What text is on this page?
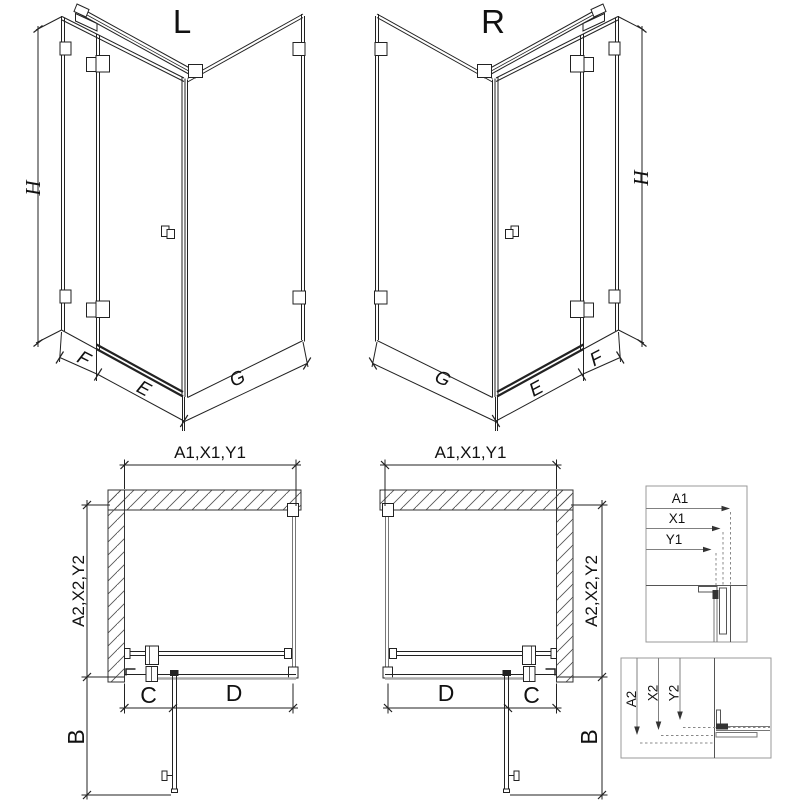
L
H
F
E	G
R
H
F
E
G
A1,X1,Y1
A2,X2,Y2
C	D
B
A1,X1,Y1
A2,X2,Y2
C
D
B
A1
X1
Y1
A2 X2 Y2
